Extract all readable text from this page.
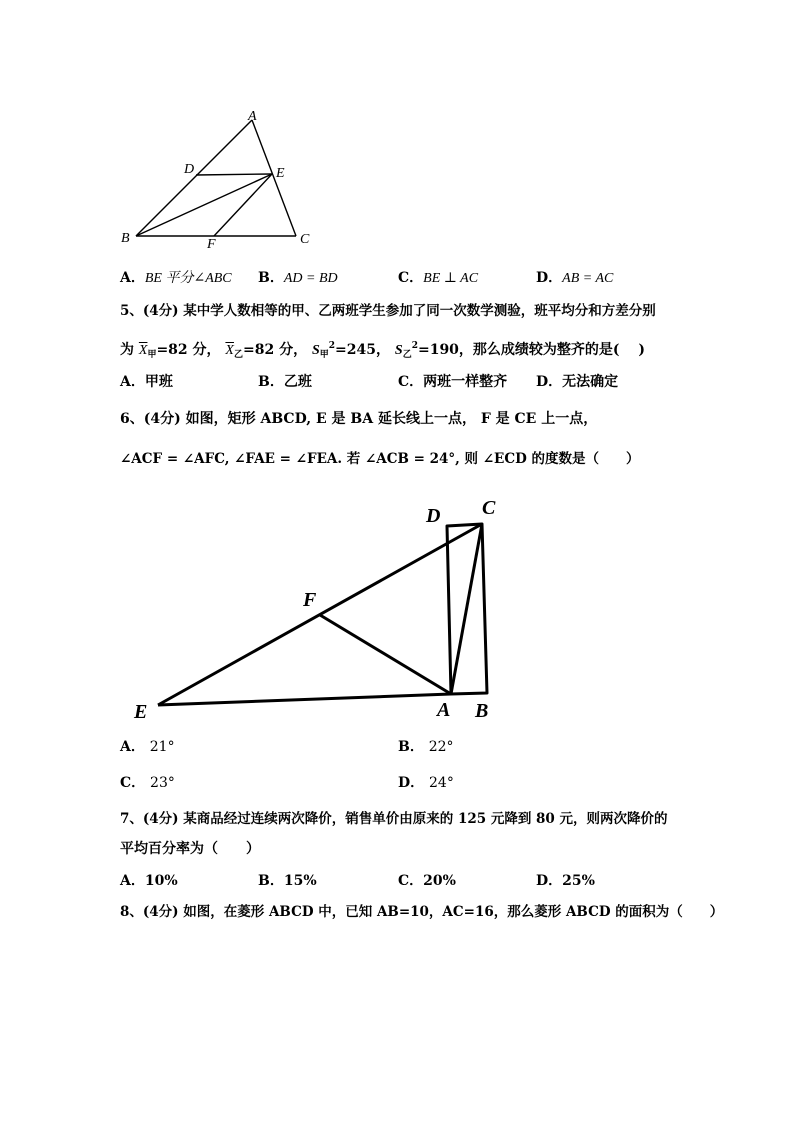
A
D	E
B	F	C
A．BE 平分∠ABC B．AD = BD	C．BE ⊥ AC	D．AB = AC
5、(4分) 某中学人数相等的甲、乙两班学生参加了同一次数学测验，班平均分和方差分别
为 $\overline{X}_甲=82$ 分， $\overline{X}_乙=82$ 分， $S_甲^2=245$， $S_乙^2=190$，那么成绩较为整齐的是(　 )
A．甲班	B．乙班	C．两班一样整齐 D．无法确定
6、(4分) 如图，矩形 ABCD, E 是 BA 延长线上一点， F 是 CE 上一点，
∠ACF = ∠AFC, ∠FAE = ∠FEA. 若 ∠ACB = 24°, 则 ∠ECD 的度数是（　　）
D C
F
E	A B
A． 21°	B． 22°
C． 23°	D． 24°
7、(4分) 某商品经过连续两次降价，销售单价由原来的 125 元降到 80 元，则两次降价的
平均百分率为（　　）
A．10%	B．15%	C．20%	D．25%
8、(4分) 如图，在菱形 ABCD 中，已知 AB=10，AC=16，那么菱形 ABCD 的面积为（　　）
